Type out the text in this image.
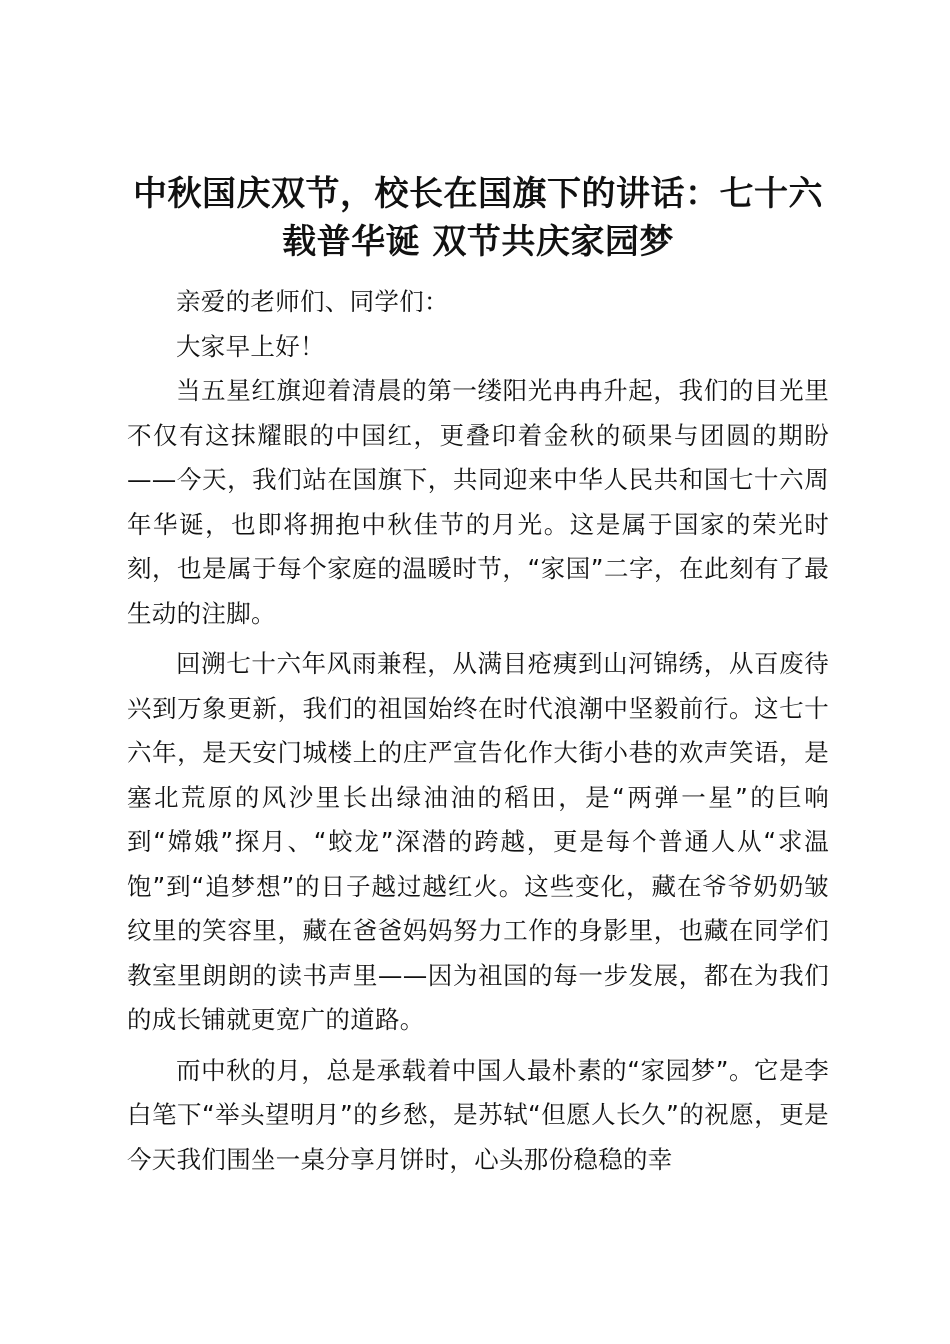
中秋国庆双节，校长在国旗下的讲话：七十六载普华诞 双节共庆家园梦

亲爱的老师们、同学们：

大家早上好！

当五星红旗迎着清晨的第一缕阳光冉冉升起，我们的目光里不仅有这抹耀眼的中国红，更叠印着金秋的硕果与团圆的期盼——今天，我们站在国旗下，共同迎来中华人民共和国七十六周年华诞，也即将拥抱中秋佳节的月光。这是属于国家的荣光时刻，也是属于每个家庭的温暖时节，“家国”二字，在此刻有了最生动的注脚。

回溯七十六年风雨兼程，从满目疮痍到山河锦绣，从百废待兴到万象更新，我们的祖国始终在时代浪潮中坚毅前行。这七十六年，是天安门城楼上的庄严宣告化作大街小巷的欢声笑语，是塞北荒原的风沙里长出绿油油的稻田，是“两弹一星”的巨响到“嫦娥”探月、“蛟龙”深潜的跨越，更是每个普通人从“求温饱”到“追梦想”的日子越过越红火。这些变化，藏在爷爷奶奶皱纹里的笑容里，藏在爸爸妈妈努力工作的身影里，也藏在同学们教室里朗朗的读书声里——因为祖国的每一步发展，都在为我们的成长铺就更宽广的道路。

而中秋的月，总是承载着中国人最朴素的“家园梦”。它是李白笔下“举头望明月”的乡愁，是苏轼“但愿人长久”的祝愿，更是今天我们围坐一桌分享月饼时，心头那份稳稳的幸
